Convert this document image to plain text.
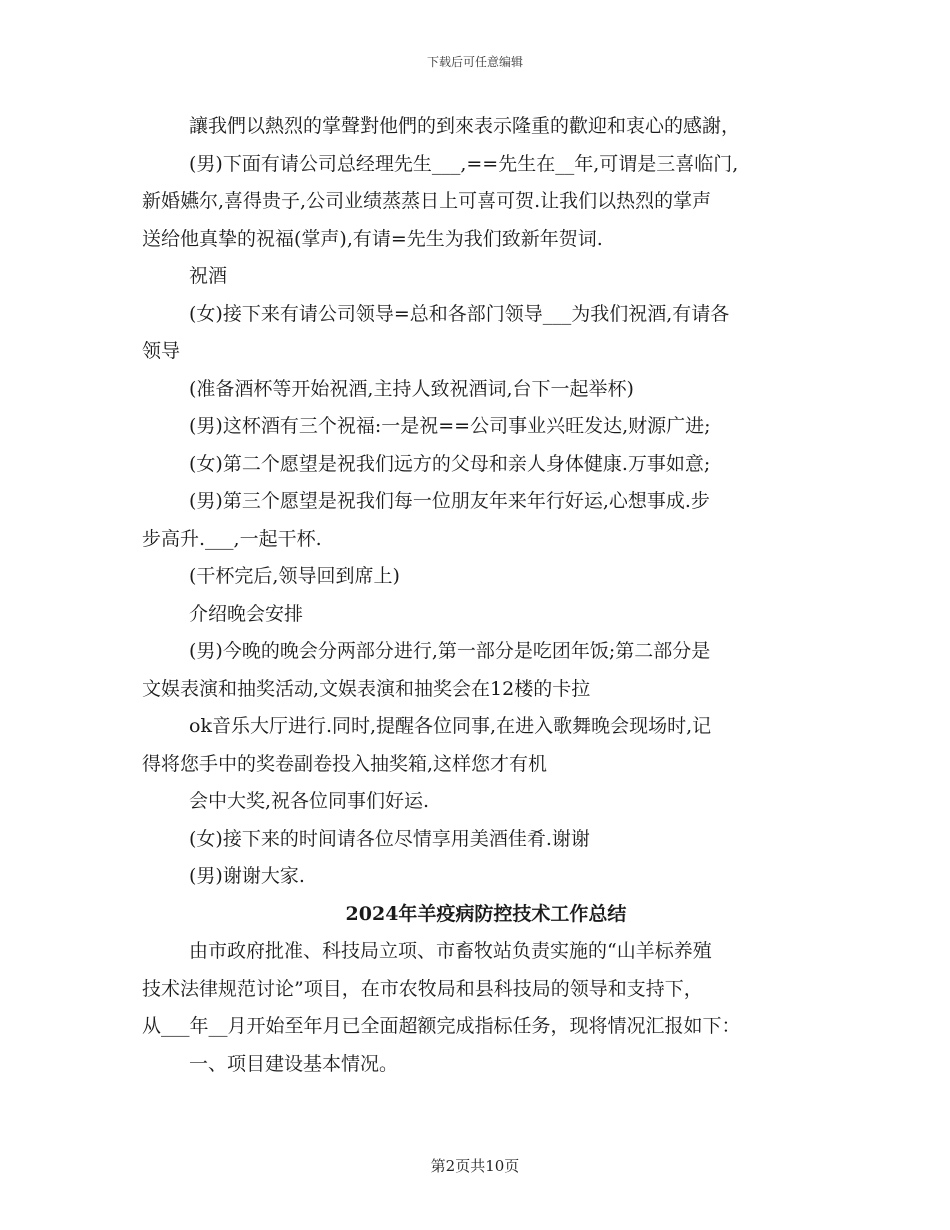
下载后可任意编辑

讓我們以熱烈的掌聲對他們的到來表示隆重的歡迎和衷心的感謝，

(男)下面有请公司总经理先生___,==先生在__年,可谓是三喜临门,

新婚嬿尔,喜得贵子,公司业绩蒸蒸日上可喜可贺.让我们以热烈的掌声

送给他真挚的祝福(掌声),有请=先生为我们致新年贺词.

祝酒

(女)接下来有请公司领导=总和各部门领导___为我们祝酒,有请各

领导

(准备酒杯等开始祝酒,主持人致祝酒词,台下一起举杯)

(男)这杯酒有三个祝福:一是祝==公司事业兴旺发达,财源广进;

(女)第二个愿望是祝我们远方的父母和亲人身体健康.万事如意;

(男)第三个愿望是祝我们每一位朋友年来年行好运,心想事成.步

步高升.___,一起干杯.

(干杯完后,领导回到席上)

介绍晚会安排

(男)今晚的晚会分两部分进行,第一部分是吃团年饭;第二部分是

文娱表演和抽奖活动,文娱表演和抽奖会在12楼的卡拉

ok音乐大厅进行.同时,提醒各位同事,在进入歌舞晚会现场时,记

得将您手中的奖卷副卷投入抽奖箱,这样您才有机

会中大奖,祝各位同事们好运.

(女)接下来的时间请各位尽情享用美酒佳肴.谢谢

(男)谢谢大家.

2024年羊疫病防控技术工作总结

由市政府批准、科技局立项、市畜牧站负责实施的“山羊标养殖

技术法律规范讨论”项目，在市农牧局和县科技局的领导和支持下，

从___年__月开始至年月已全面超额完成指标任务，现将情况汇报如下：

一、项目建设基本情况。

第2页共10页
